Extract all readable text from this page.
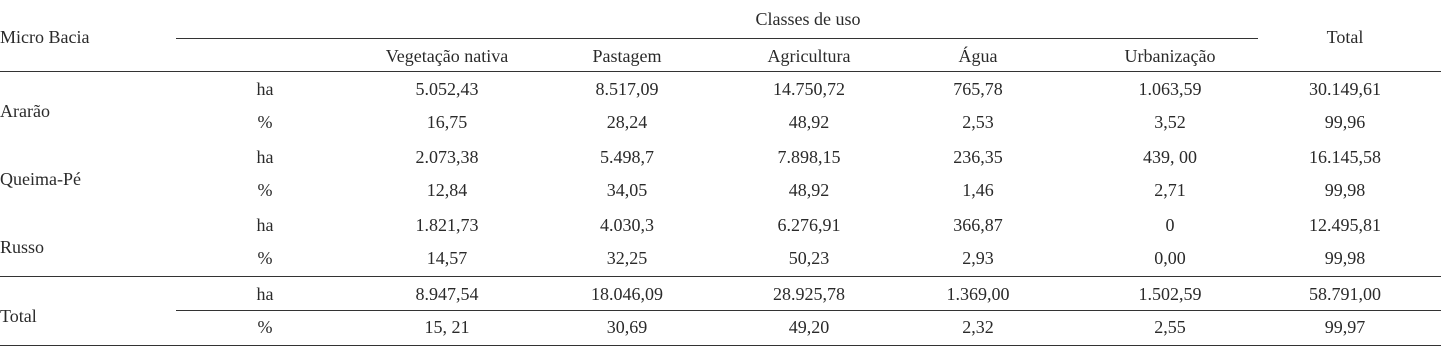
Micro Bacia
Classes de uso
Total
Vegetação nativa	Pastagem	Agricultura	Água	Urbanização
Ararão
ha	5.052,43	8.517,09	14.750,72	765,78	1.063,59	30.149,61
%	16,75	28,24	48,92	2,53	3,52	99,96
Queima-Pé
ha	2.073,38	5.498,7	7.898,15	236,35	439, 00	16.145,58
%	12,84	34,05	48,92	1,46	2,71	99,98
Russo
ha	1.821,73	4.030,3	6.276,91	366,87	0	12.495,81
%	14,57	32,25	50,23	2,93	0,00	99,98
Total
ha	8.947,54	18.046,09	28.925,78	1.369,00	1.502,59	58.791,00
%	15, 21	30,69	49,20	2,32	2,55	99,97
